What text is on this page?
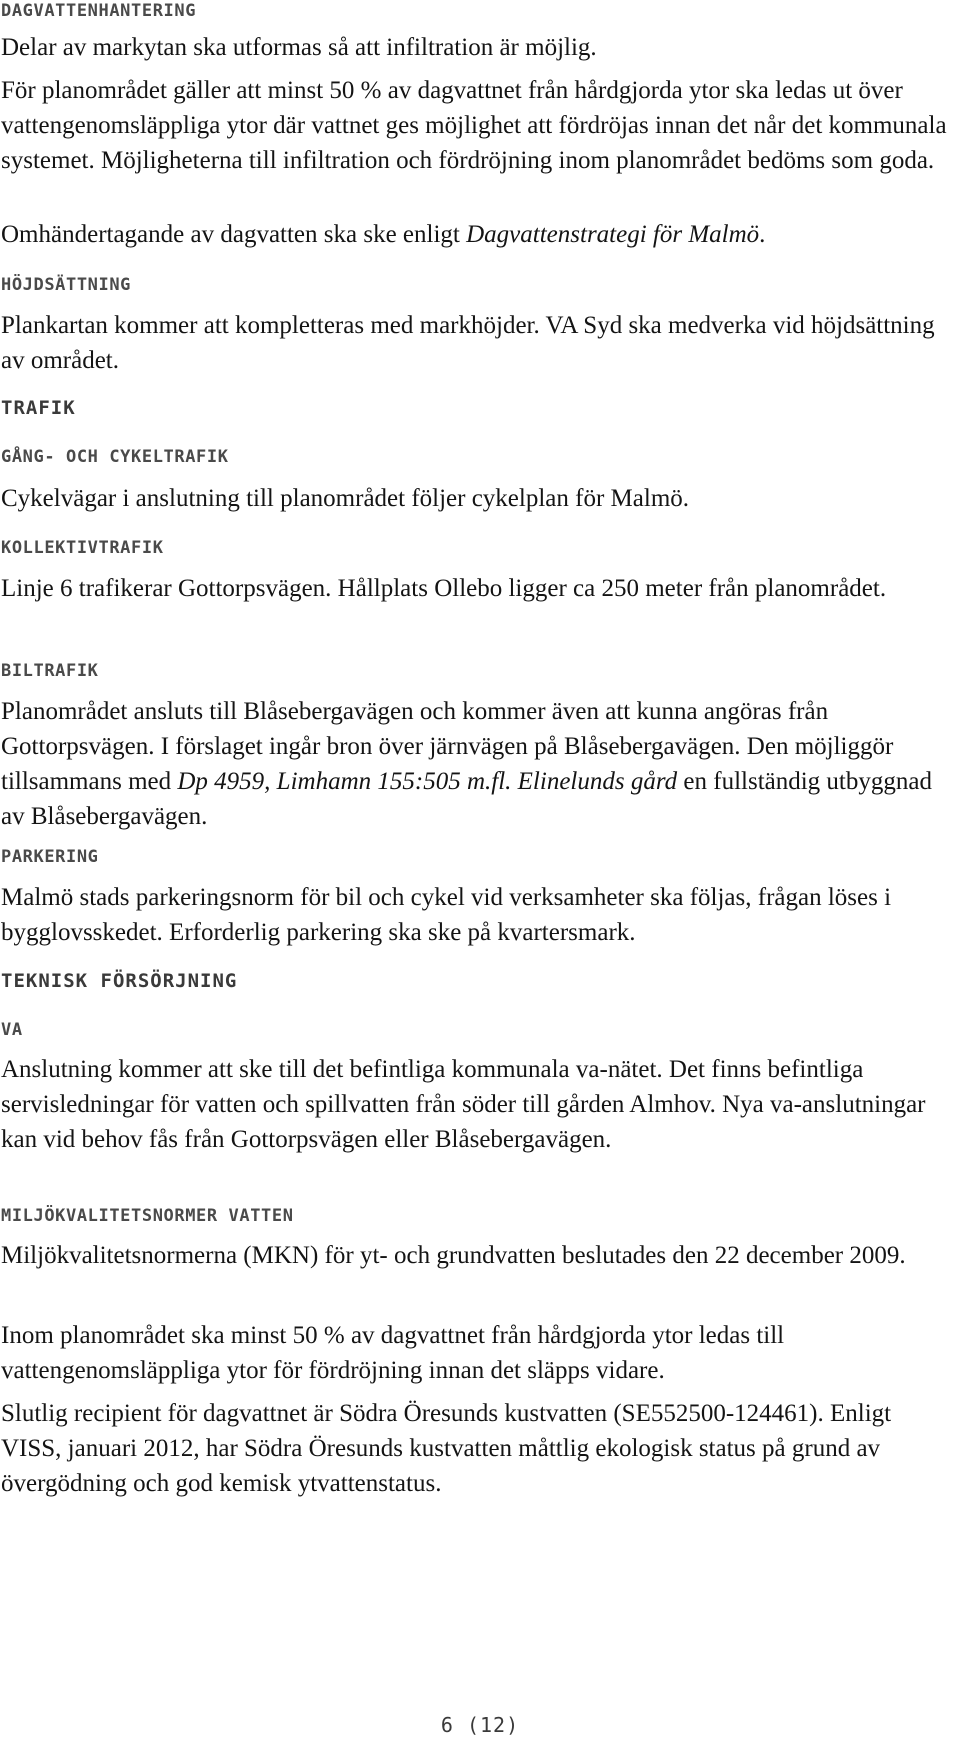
DAGVATTENHANTERING

Delar av markytan ska utformas så att infiltration är möjlig.

För planområdet gäller att minst 50 % av dagvattnet från hårdgjorda ytor ska ledas ut över vattengenomsläppliga ytor där vattnet ges möjlighet att fördröjas innan det når det kommunala systemet. Möjligheterna till infiltration och fördröjning inom planområdet bedöms som goda.

Omhändertagande av dagvatten ska ske enligt Dagvattenstrategi för Malmö.

HÖJDSÄTTNING

Plankartan kommer att kompletteras med markhöjder. VA Syd ska medverka vid höjdsättning av området.

TRAFIK
GÅNG- OCH CYKELTRAFIK

Cykelvägar i anslutning till planområdet följer cykelplan för Malmö.

KOLLEKTIVTRAFIK

Linje 6 trafikerar Gottorpsvägen. Hållplats Ollebo ligger ca 250 meter från planområdet.

BILTRAFIK

Planområdet ansluts till Blåsebergavägen och kommer även att kunna angöras från Gottorpsvägen. I förslaget ingår bron över järnvägen på Blåsebergavägen. Den möjliggör tillsammans med Dp 4959, Limhamn 155:505 m.fl. Elinelunds gård en fullständig utbyggnad av Blåsebergavägen.

PARKERING

Malmö stads parkeringsnorm för bil och cykel vid verksamheter ska följas, frågan löses i bygglovsskedet. Erforderlig parkering ska ske på kvartersmark.

TEKNISK FÖRSÖRJNING
VA

Anslutning kommer att ske till det befintliga kommunala va-nätet. Det finns befintliga servisledningar för vatten och spillvatten från söder till gården Almhov. Nya va-anslutningar kan vid behov fås från Gottorpsvägen eller Blåsebergavägen.

MILJÖKVALITETSNORMER VATTEN

Miljökvalitetsnormerna (MKN) för yt- och grundvatten beslutades den 22 december 2009.

Inom planområdet ska minst 50 % av dagvattnet från hårdgjorda ytor ledas till vattengenomsläppliga ytor för fördröjning innan det släpps vidare.

Slutlig recipient för dagvattnet är Södra Öresunds kustvatten (SE552500-124461). Enligt VISS, januari 2012, har Södra Öresunds kustvatten måttlig ekologisk status på grund av övergödning och god kemisk ytvattenstatus.

6 (12)
